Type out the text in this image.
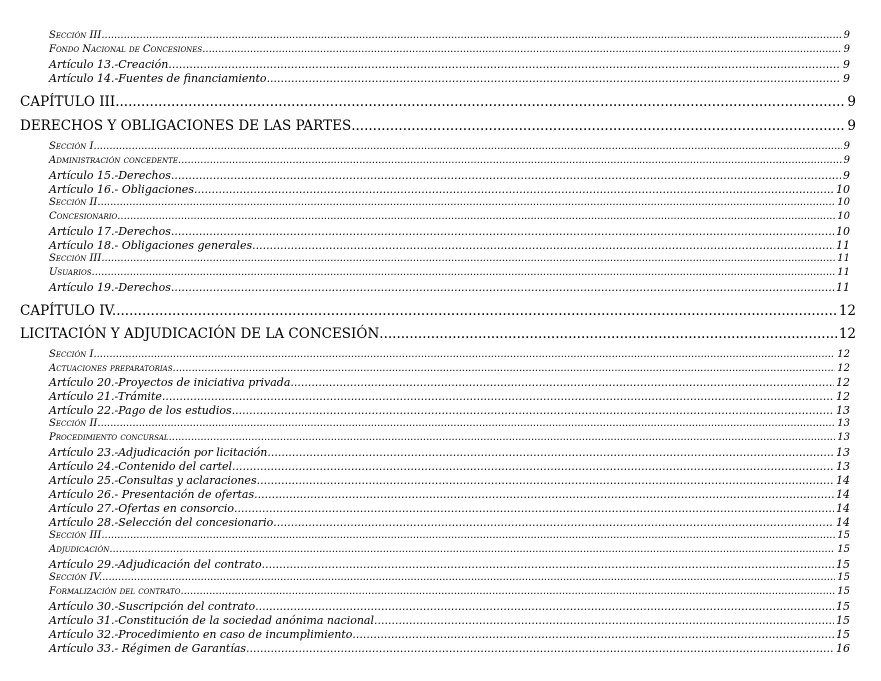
Sección III. .....	9
Fondo Nacional de Concesiones .....	9
Artículo 13.-Creación .....	9
Artículo 14.-Fuentes de financiamiento .....	9
CAPÍTULO III. .....	9
DERECHOS Y OBLIGACIONES DE LAS PARTES .....	9
Sección I .....	9
Administración concedente .....	9
Artículo 15.-Derechos .....	9
Artículo 16.- Obligaciones .....	10
Sección II. .....	10
Concesionario .....	10
Artículo 17.-Derechos .....	10
Artículo 18.- Obligaciones generales .....	11
Sección III. .....	11
Usuarios .....	11
Artículo 19.-Derechos .....	11
CAPÍTULO IV. .....	12
LICITACIÓN Y ADJUDICACIÓN DE LA CONCESIÓN .....	12
Sección I .....	12
Actuaciones preparatorias .....	12
Artículo 20.-Proyectos de iniciativa privada .....	12
Artículo 21.-Trámite .....	12
Artículo 22.-Pago de los estudios .....	13
Sección II. .....	13
Procedimiento concursal .....	13
Artículo 23.-Adjudicación por licitación .....	13
Artículo 24.-Contenido del cartel .....	13
Artículo 25.-Consultas y aclaraciones .....	14
Artículo 26.- Presentación de ofertas .....	14
Artículo 27.-Ofertas en consorcio .....	14
Artículo 28.-Selección del concesionario .....	14
Sección III. .....	15
Adjudicación .....	15
Artículo 29.-Adjudicación del contrato .....	15
Sección IV. .....	15
Formalización del contrato .....	15
Artículo 30.-Suscripción del contrato .....	15
Artículo 31.-Constitución de la sociedad anónima nacional .....	15
Artículo 32.-Procedimiento en caso de incumplimiento .....	15
Artículo 33.- Régimen de Garantías .....	16
